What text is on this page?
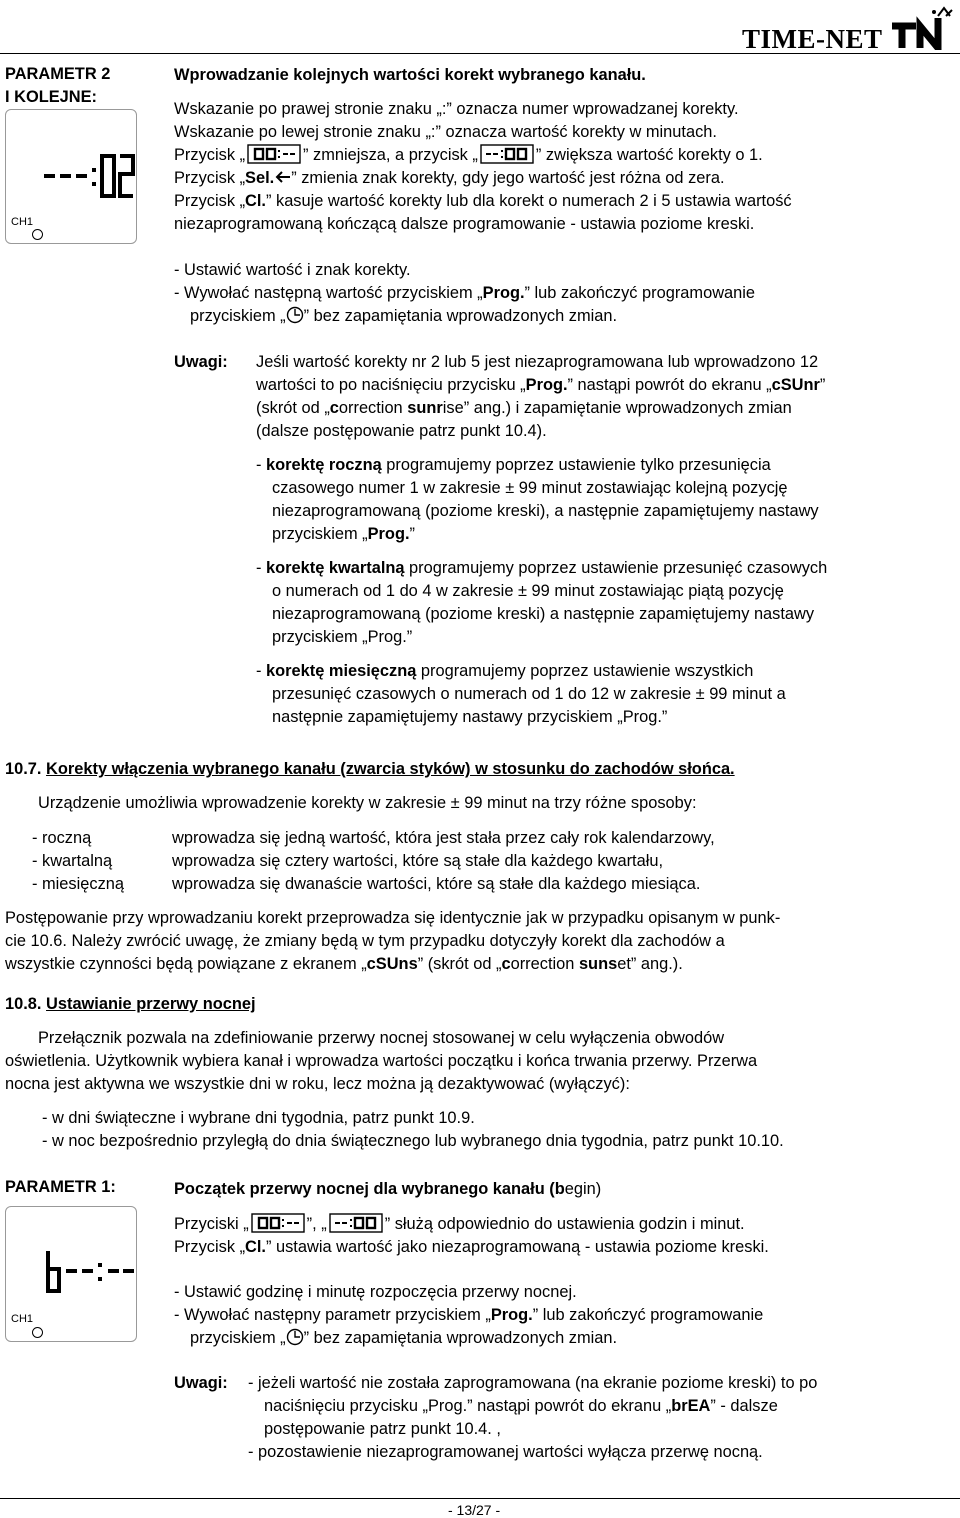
TIME-NET
PARAMETR 2
I KOLEJNE:
CH1
Wprowadzanie kolejnych wartości korekt wybranego kanału.
Wskazanie po prawej stronie znaku „:” oznacza numer wprowadzanej korekty.
Wskazanie po lewej stronie znaku „:” oznacza wartość korekty w minutach.
Przycisk „	” zmniejsza, a przycisk „	” zwiększa wartość korekty o 1.
Przycisk „Sel. ” zmienia znak korekty, gdy jego wartość jest różna od zera.
Przycisk „Cl.” kasuje wartość korekty lub dla korekt o numerach 2 i 5 ustawia wartość
niezaprogramowaną kończącą dalsze programowanie - ustawia poziome kreski.
- Ustawić wartość i znak korekty.
- Wywołać następną wartość przyciskiem „Prog.” lub zakończyć programowanie
przyciskiem „ ” bez zapamiętania wprowadzonych zmian.
Uwagi: Jeśli wartość korekty nr 2 lub 5 jest niezaprogramowana lub wprowadzono 12
wartości to po naciśnięciu przycisku „Prog.” nastąpi powrót do ekranu „cSUnr”
(skrót od „correction sunrise” ang.) i zapamiętanie wprowadzonych zmian
(dalsze postępowanie patrz punkt 10.4).
- korektę roczną programujemy poprzez ustawienie tylko przesunięcia
czasowego numer 1 w zakresie ± 99 minut zostawiając kolejną pozycję
niezaprogramowaną (poziome kreski), a następnie zapamiętujemy nastawy
przyciskiem „Prog.”
- korektę kwartalną programujemy poprzez ustawienie przesunięć czasowych
o numerach od 1 do 4 w zakresie ± 99 minut zostawiając piątą pozycję
niezaprogramowaną (poziome kreski) a następnie zapamiętujemy nastawy
przyciskiem „Prog.”
- korektę miesięczną programujemy poprzez ustawienie wszystkich
przesunięć czasowych o numerach od 1 do 12 w zakresie ± 99 minut a
następnie zapamiętujemy nastawy przyciskiem „Prog.”
10.7. Korekty włączenia wybranego kanału (zwarcia styków) w stosunku do zachodów słońca.
Urządzenie umożliwia wprowadzenie korekty w zakresie ± 99 minut na trzy różne sposoby:
- roczną	wprowadza się jedną wartość, która jest stała przez cały rok kalendarzowy,
- kwartalną	wprowadza się cztery wartości, które są stałe dla każdego kwartału,
- miesięczną	wprowadza się dwanaście wartości, które są stałe dla każdego miesiąca.
Postępowanie przy wprowadzaniu korekt przeprowadza się identycznie jak w przypadku opisanym w punk-
cie 10.6. Należy zwrócić uwagę, że zmiany będą w tym przypadku dotyczyły korekt dla zachodów a
wszystkie czynności będą powiązane z ekranem „cSUns” (skrót od „correction sunset” ang.).
10.8. Ustawianie przerwy nocnej
Przełącznik pozwala na zdefiniowanie przerwy nocnej stosowanej w celu wyłączenia obwodów
oświetlenia. Użytkownik wybiera kanał i wprowadza wartości początku i końca trwania przerwy. Przerwa
nocna jest aktywna we wszystkie dni w roku, lecz można ją dezaktywować (wyłączyć):
- w dni świąteczne i wybrane dni tygodnia, patrz punkt 10.9.
- w noc bezpośrednio przyległą do dnia świątecznego lub wybranego dnia tygodnia, patrz punkt 10.10.
PARAMETR 1:
CH1
Początek przerwy nocnej dla wybranego kanału (begin)
Przyciski „	”, „	” służą odpowiednio do ustawienia godzin i minut.
Przycisk „Cl.” ustawia wartość jako niezaprogramowaną - ustawia poziome kreski.
- Ustawić godzinę i minutę rozpoczęcia przerwy nocnej.
- Wywołać następny parametr przyciskiem „Prog.” lub zakończyć programowanie
przyciskiem „ ” bez zapamiętania wprowadzonych zmian.
Uwagi: - jeżeli wartość nie została zaprogramowana (na ekranie poziome kreski) to po
naciśnięciu przycisku „Prog.” nastąpi powrót do ekranu „brEA” - dalsze
postępowanie patrz punkt 10.4. ,
- pozostawienie niezaprogramowanej wartości wyłącza przerwę nocną.
- 13/27 -
